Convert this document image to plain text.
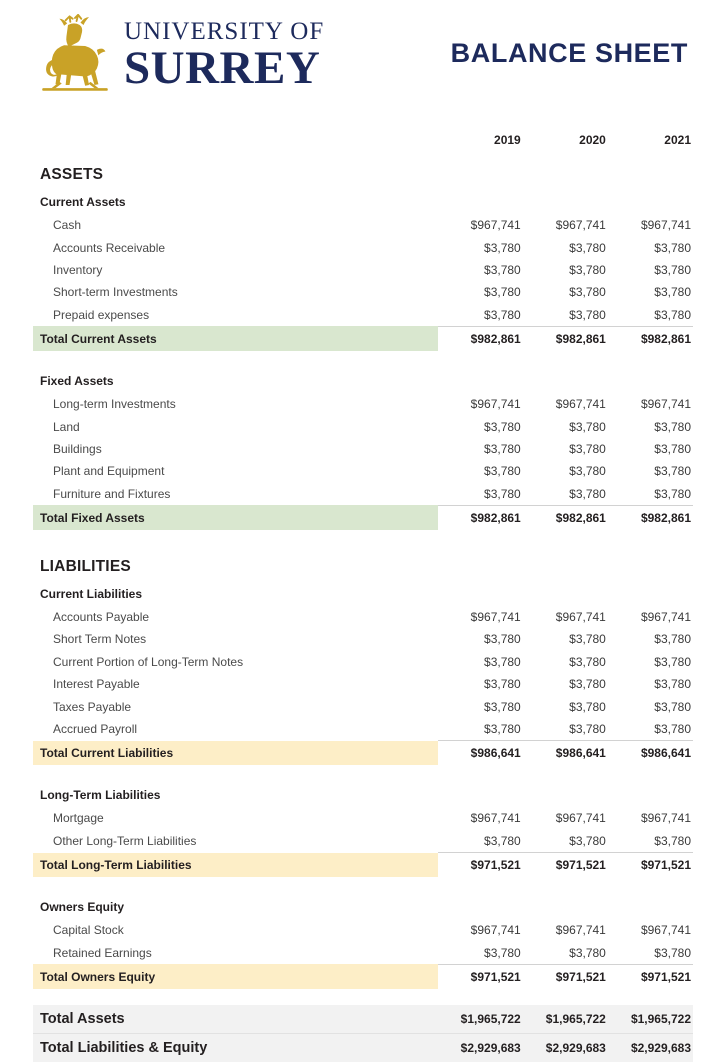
UNIVERSITY OF
SURREY	BALANCE SHEET
	2019	2020	2021
ASSETS			
Current Assets			
Cash	$967,741	$967,741	$967,741
Accounts Receivable	$3,780	$3,780	$3,780
Inventory	$3,780	$3,780	$3,780
Short-term Investments	$3,780	$3,780	$3,780
Prepaid expenses	$3,780	$3,780	$3,780
Total Current Assets	$982,861	$982,861	$982,861

Fixed Assets			
Long-term Investments	$967,741	$967,741	$967,741
Land	$3,780	$3,780	$3,780
Buildings	$3,780	$3,780	$3,780
Plant and Equipment	$3,780	$3,780	$3,780
Furniture and Fixtures	$3,780	$3,780	$3,780
Total Fixed Assets	$982,861	$982,861	$982,861

LIABILITIES			
Current Liabilities			
Accounts Payable	$967,741	$967,741	$967,741
Short Term Notes	$3,780	$3,780	$3,780
Current Portion of Long-Term Notes	$3,780	$3,780	$3,780
Interest Payable	$3,780	$3,780	$3,780
Taxes Payable	$3,780	$3,780	$3,780
Accrued Payroll	$3,780	$3,780	$3,780
Total Current Liabilities	$986,641	$986,641	$986,641

Long-Term Liabilities			
Mortgage	$967,741	$967,741	$967,741
Other Long-Term Liabilities	$3,780	$3,780	$3,780
Total Long-Term Liabilities	$971,521	$971,521	$971,521

Owners Equity			
Capital Stock	$967,741	$967,741	$967,741
Retained Earnings	$3,780	$3,780	$3,780
Total Owners Equity	$971,521	$971,521	$971,521

Total Assets	$1,965,722	$1,965,722	$1,965,722
Total Liabilities & Equity	$2,929,683	$2,929,683	$2,929,683
